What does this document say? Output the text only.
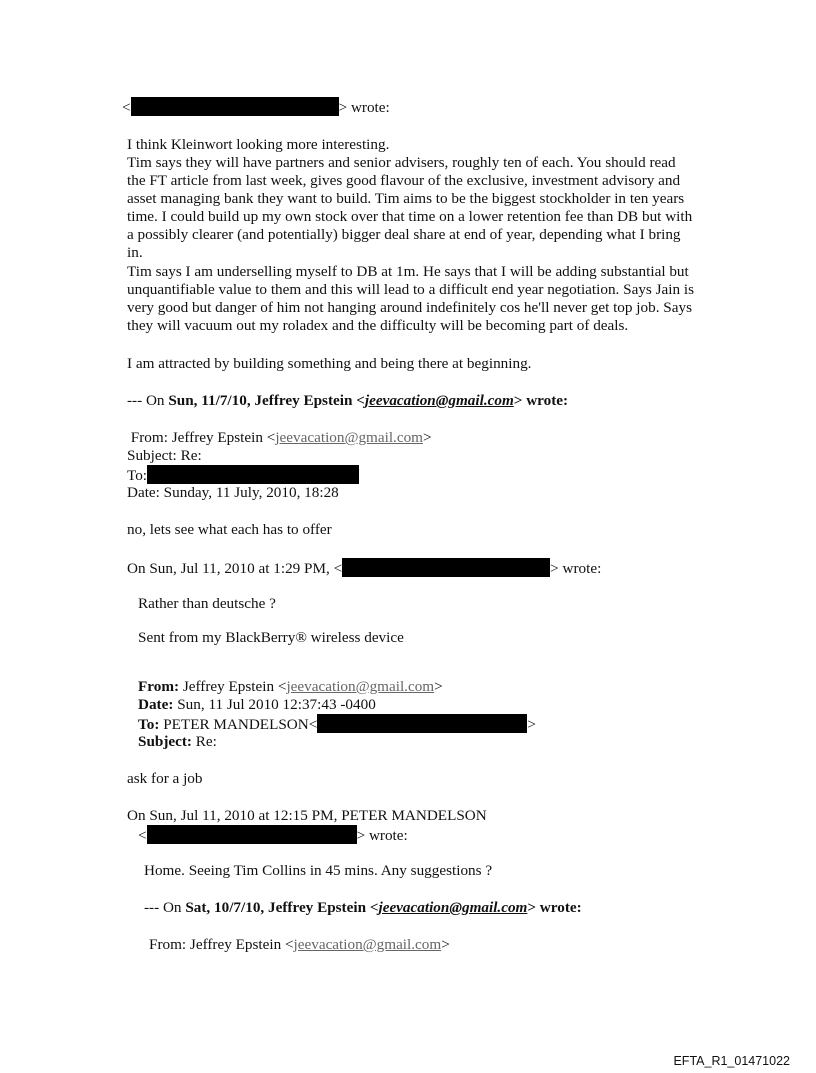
<	> wrote:
I think Kleinwort looking more interesting.
Tim says they will have partners and senior advisers, roughly ten of each. You should read
the FT article from last week, gives good flavour of the exclusive, investment advisory and
asset managing bank they want to build. Tim aims to be the biggest stockholder in ten years
time. I could build up my own stock over that time on a lower retention fee than DB but with
a possibly clearer (and potentially) bigger deal share at end of year, depending what I bring
in.
Tim says I am underselling myself to DB at 1m. He says that I will be adding substantial but
unquantifiable value to them and this will lead to a difficult end year negotiation. Says Jain is
very good but danger of him not hanging around indefinitely cos he'll never get top job. Says
they will vacuum out my roladex and the difficulty will be becoming part of deals.
I am attracted by building something and being there at beginning.
--- On Sun, 11/7/10, Jeffrey Epstein <jeevacation@gmail.com> wrote:
From: Jeffrey Epstein <jeevacation@gmail.com>
Subject: Re:
To:
Date: Sunday, 11 July, 2010, 18:28
no, lets see what each has to offer
On Sun, Jul 11, 2010 at 1:29 PM, <	> wrote:
Rather than deutsche ?
Sent from my BlackBerry® wireless device
From: Jeffrey Epstein <jeevacation@gmail.com>
Date: Sun, 11 Jul 2010 12:37:43 -0400
To: PETER MANDELSON<	>
Subject: Re:
ask for a job
On Sun, Jul 11, 2010 at 12:15 PM, PETER MANDELSON
<	> wrote:
Home. Seeing Tim Collins in 45 mins. Any suggestions ?
--- On Sat, 10/7/10, Jeffrey Epstein <jeevacation@gmail.com> wrote:
From: Jeffrey Epstein <jeevacation@gmail.com>
EFTA_R1_01471022
